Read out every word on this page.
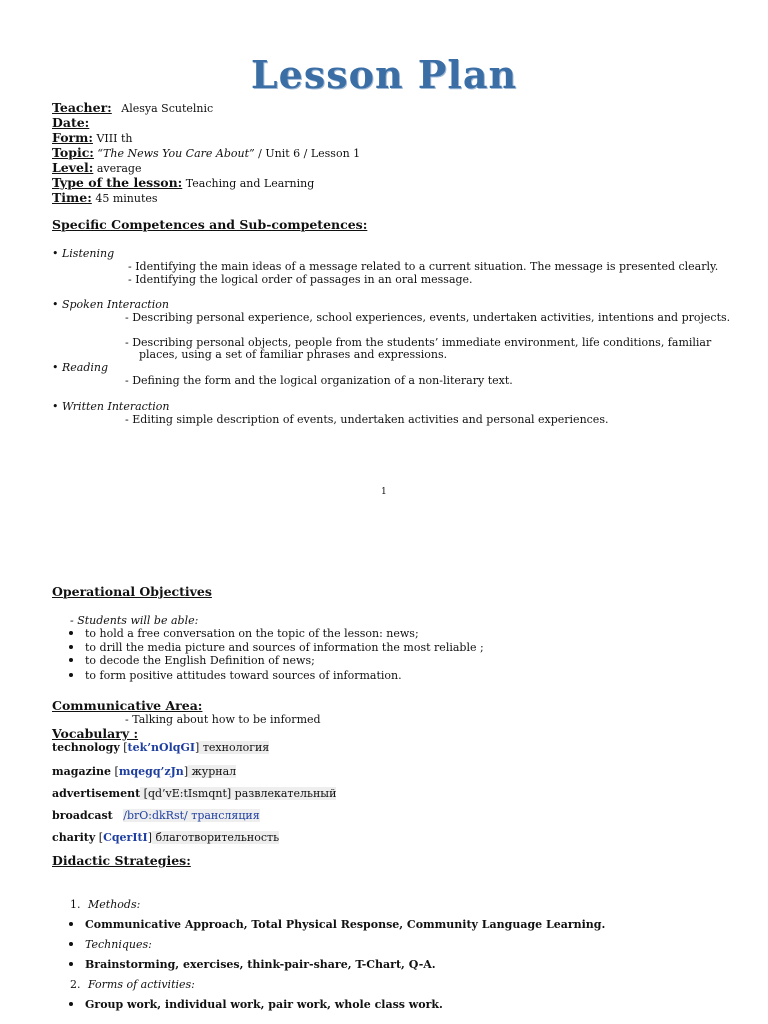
Lesson Plan
Teacher: Alesya Scutelnic
Date:
Form: VIII th
Topic: “The News You Care About” / Unit 6 / Lesson 1
Level: average
Type of the lesson: Teaching and Learning
Time: 45 minutes
Specific Competences and Sub-competences:
• Listening
- Identifying the main ideas of a message related to a current situation. The message is presented clearly.
- Identifying the logical order of passages in an oral message.
• Spoken Interaction
- Describing personal experience, school experiences, events, undertaken activities, intentions and projects.
- Describing personal objects, people from the students’ immediate environment, life conditions, familiar
places, using a set of familiar phrases and expressions.
• Reading
- Defining the form and the logical organization of a non-literary text.
• Written Interaction
- Editing simple description of events, undertaken activities and personal experiences.
1
Operational Objectives
- Students will be able:
to hold a free conversation on the topic of the lesson: news;
to drill the media picture and sources of information the most reliable ;
to decode the English Definition of news;
to form positive attitudes toward sources of information.
Communicative Area:
- Talking about how to be informed
Vocabulary :
technology [tek’nOlqGI] технология
magazine [mqegq’zJn] журнал
advertisement [qd’vE:tIsmqnt] развлекательный
broadcast /brO:dkRst/ трансляция
charity [CqerItI] благотворительность
Didactic Strategies:
1. Methods:
Communicative Approach, Total Physical Response, Community Language Learning.
Techniques:
Brainstorming, exercises, think-pair-share, T-Chart, Q-A.
2. Forms of activities:
Group work, individual work, pair work, whole class work.
